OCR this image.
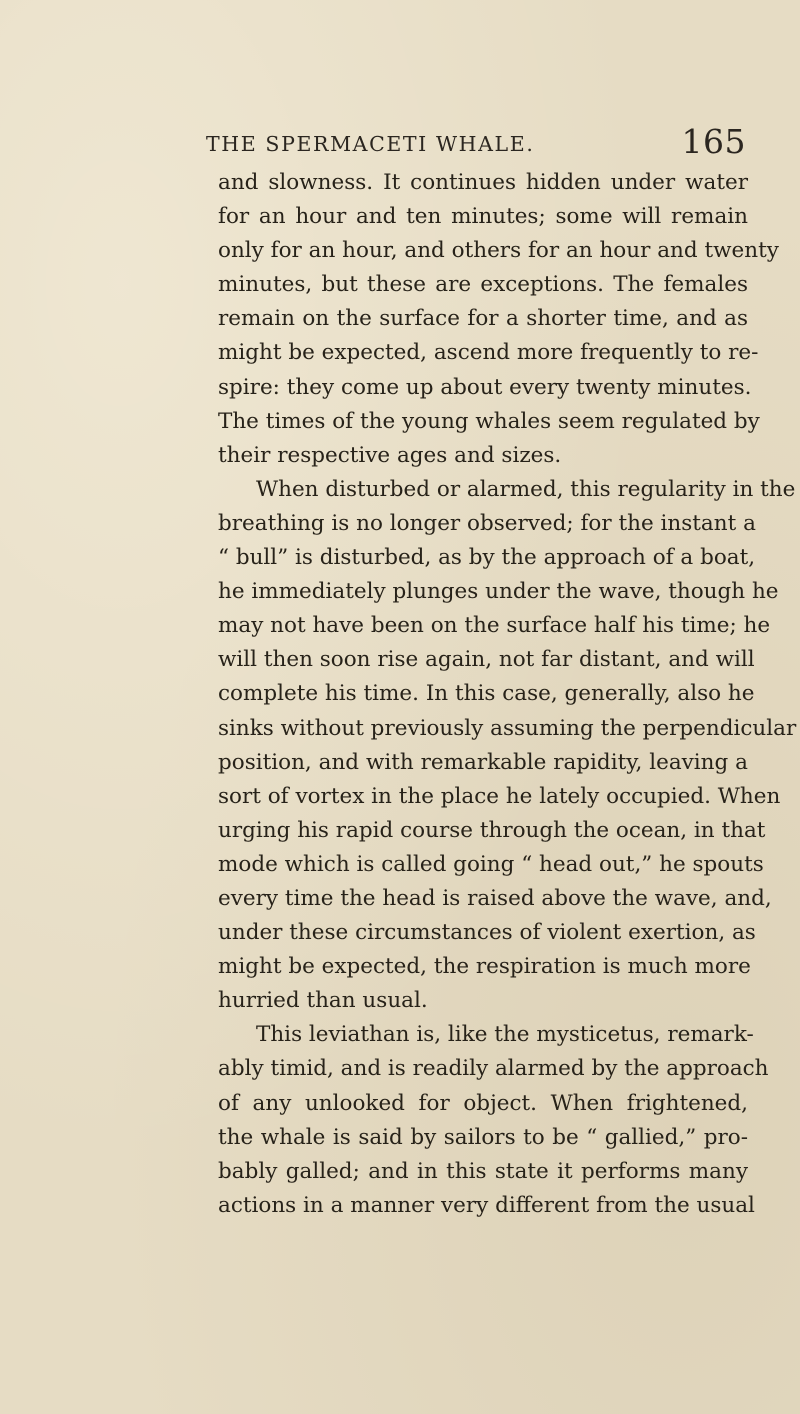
THE SPERMACETI WHALE.	165
and slowness. It continues hidden under water
for an hour and ten minutes; some will remain
only for an hour, and others for an hour and twenty
minutes, but these are exceptions. The females
remain on the surface for a shorter time, and as
might be expected, ascend more frequently to re-
spire: they come up about every twenty minutes.
The times of the young whales seem regulated by
their respective ages and sizes.
When disturbed or alarmed, this regularity in the
breathing is no longer observed; for the instant a
“ bull” is disturbed, as by the approach of a boat,
he immediately plunges under the wave, though he
may not have been on the surface half his time; he
will then soon rise again, not far distant, and will
complete his time. In this case, generally, also he
sinks without previously assuming the perpendicular
position, and with remarkable rapidity, leaving a
sort of vortex in the place he lately occupied. When
urging his rapid course through the ocean, in that
mode which is called going “ head out,” he spouts
every time the head is raised above the wave, and,
under these circumstances of violent exertion, as
might be expected, the respiration is much more
hurried than usual.
This leviathan is, like the mysticetus, remark-
ably timid, and is readily alarmed by the approach
of any unlooked for object. When frightened,
the whale is said by sailors to be “ gallied,” pro-
bably galled; and in this state it performs many
actions in a manner very different from the usual
